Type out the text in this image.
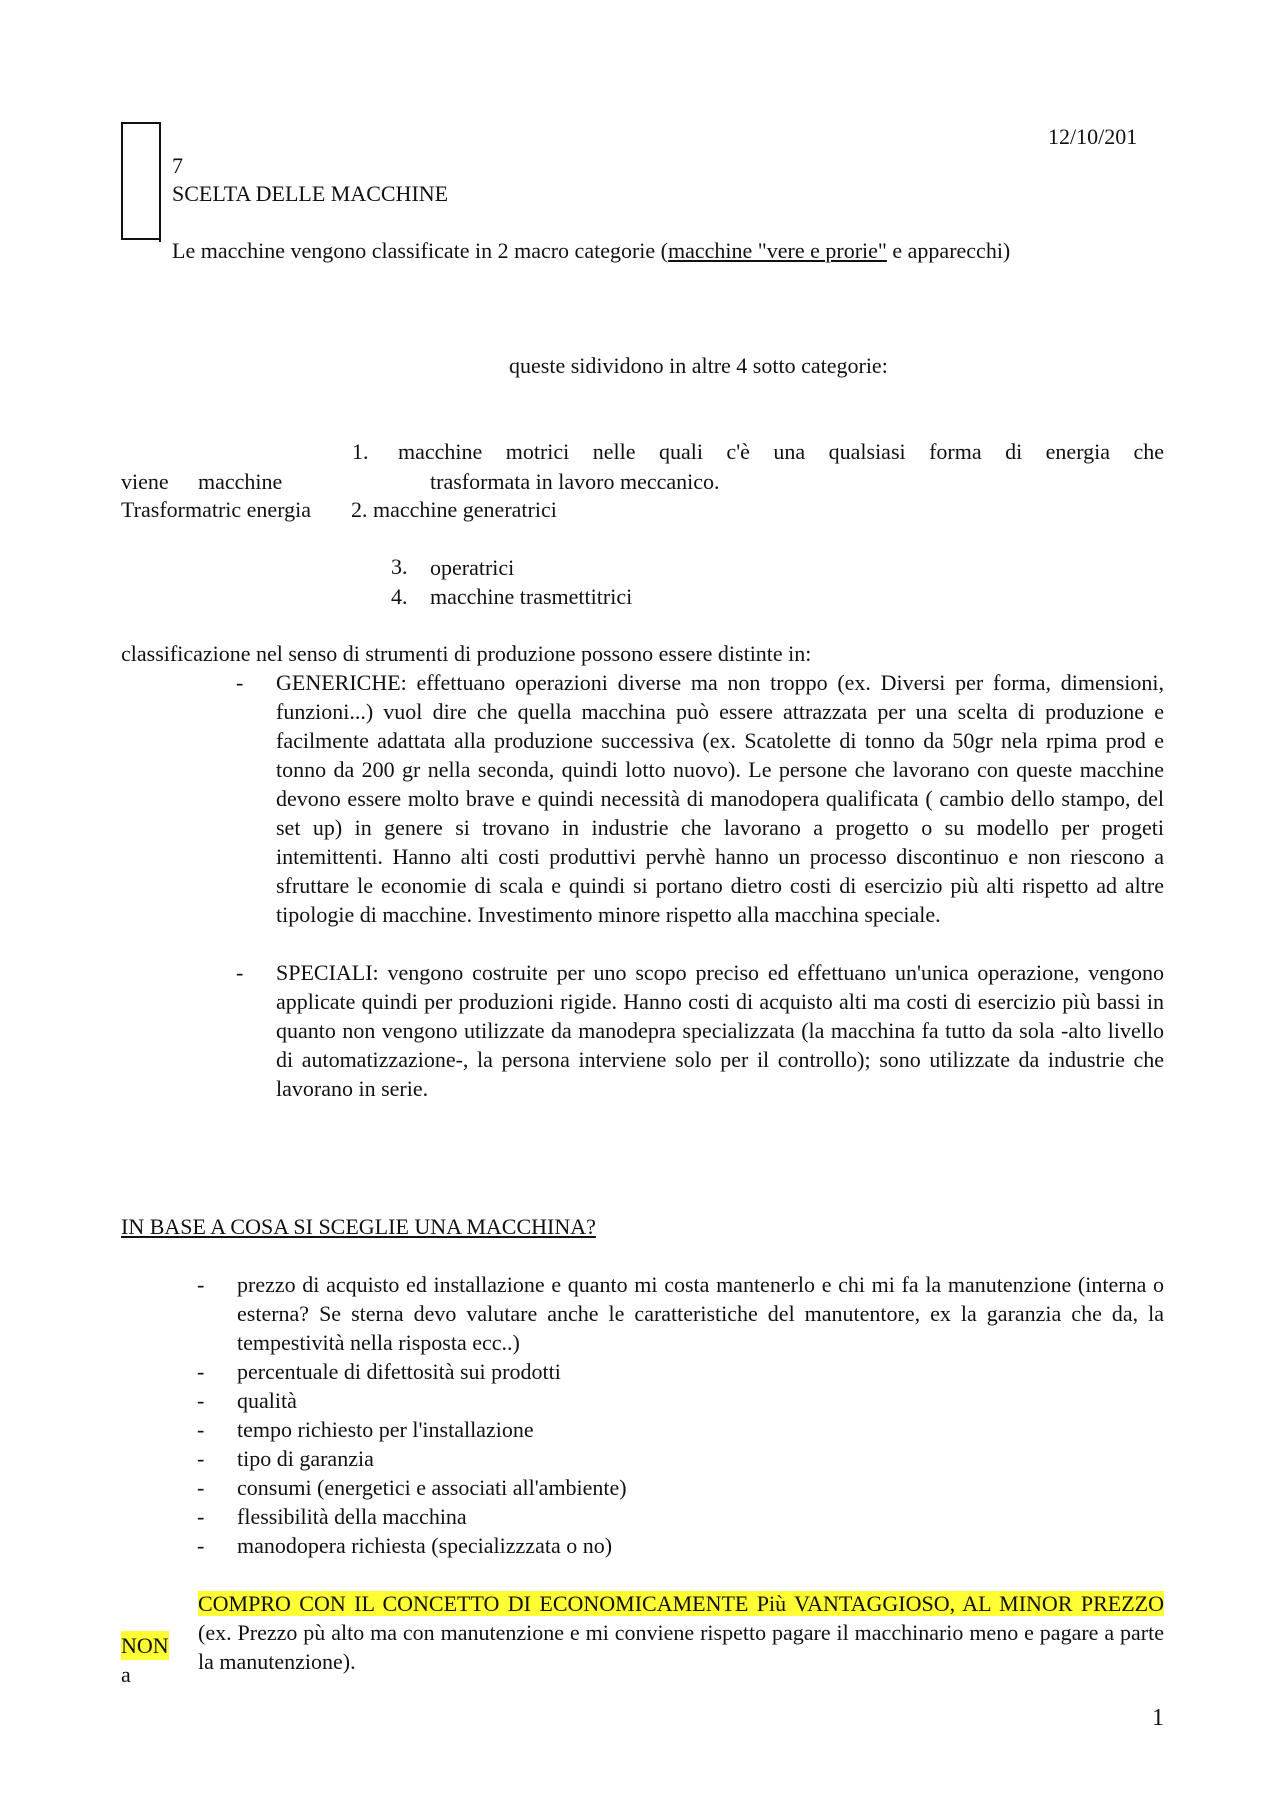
12/10/201
7
SCELTA DELLE MACCHINE
Le macchine vengono classificate in 2 macro categorie (macchine "vere e prorie" e apparecchi)
queste sidividono in altre 4 sotto categorie:
1. macchine motrici nelle quali c'è una qualsiasi forma di energia che
viene macchine	trasformata in lavoro meccanico.
Trasformatric energia 2. macchine generatrici
3. operatrici
4. macchine trasmettitrici
classificazione nel senso di strumenti di produzione possono essere distinte in:
- GENERICHE: effettuano operazioni diverse ma non troppo (ex. Diversi per forma, dimensioni, funzioni...) vuol dire che quella macchina può essere attrazzata per una scelta di produzione e facilmente adattata alla produzione successiva (ex. Scatolette di tonno da 50gr nela rpima prod e tonno da 200 gr nella seconda, quindi lotto nuovo). Le persone che lavorano con queste macchine devono essere molto brave e quindi necessità di manodopera qualificata ( cambio dello stampo, del set up) in genere si trovano in industrie che lavorano a progetto o su modello per progeti intemittenti. Hanno alti costi produttivi pervhè hanno un processo discontinuo e non riescono a sfruttare le economie di scala e quindi si portano dietro costi di esercizio più alti rispetto ad altre tipologie di macchine. Investimento minore rispetto alla macchina speciale.
- SPECIALI: vengono costruite per uno scopo preciso ed effettuano un'unica operazione, vengono applicate quindi per produzioni rigide. Hanno costi di acquisto alti ma costi di esercizio più bassi in quanto non vengono utilizzate da manodepra specializzata (la macchina fa tutto da sola -alto livello di automatizzazione-, la persona interviene solo per il controllo); sono utilizzate da industrie che lavorano in serie.
IN BASE A COSA SI SCEGLIE UNA MACCHINA?
- prezzo di acquisto ed installazione e quanto mi costa mantenerlo e chi mi fa la manutenzione (interna o esterna? Se sterna devo valutare anche le caratteristiche del manutentore, ex la garanzia che da, la tempestività nella risposta ecc..)
- percentuale di difettosità sui prodotti
- qualità
- tempo richiesto per l'installazione
- tipo di garanzia
- consumi (energetici e associati all'ambiente)
- flessibilità della macchina
- manodopera richiesta (specializzzata o no)
NON
a
COMPRO CON IL CONCETTO DI ECONOMICAMENTE Più VANTAGGIOSO, AL MINOR PREZZO (ex. Prezzo pù alto ma con manutenzione e mi conviene rispetto pagare il macchinario meno e pagare a parte la manutenzione).
1
